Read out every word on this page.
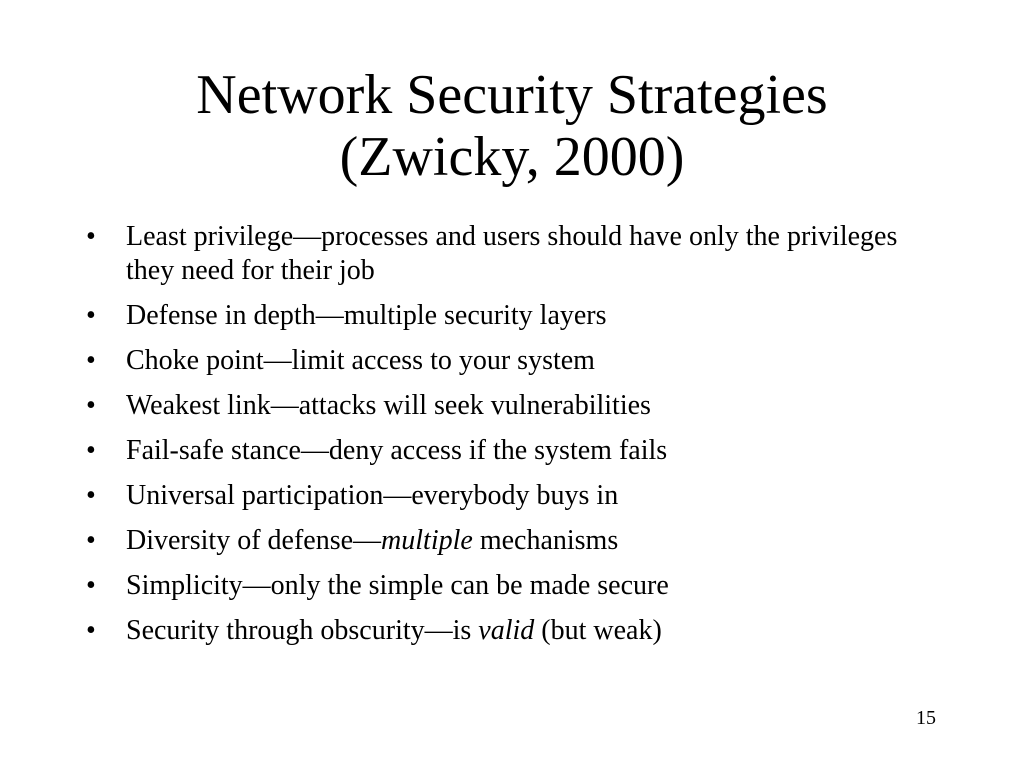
Network Security Strategies
(Zwicky, 2000)
• Least privilege—processes and users should have only the privileges they need for their job
• Defense in depth—multiple security layers
• Choke point—limit access to your system
• Weakest link—attacks will seek vulnerabilities
• Fail-safe stance—deny access if the system fails
• Universal participation—everybody buys in
• Diversity of defense—multiple mechanisms
• Simplicity—only the simple can be made secure
• Security through obscurity—is valid (but weak)
15
